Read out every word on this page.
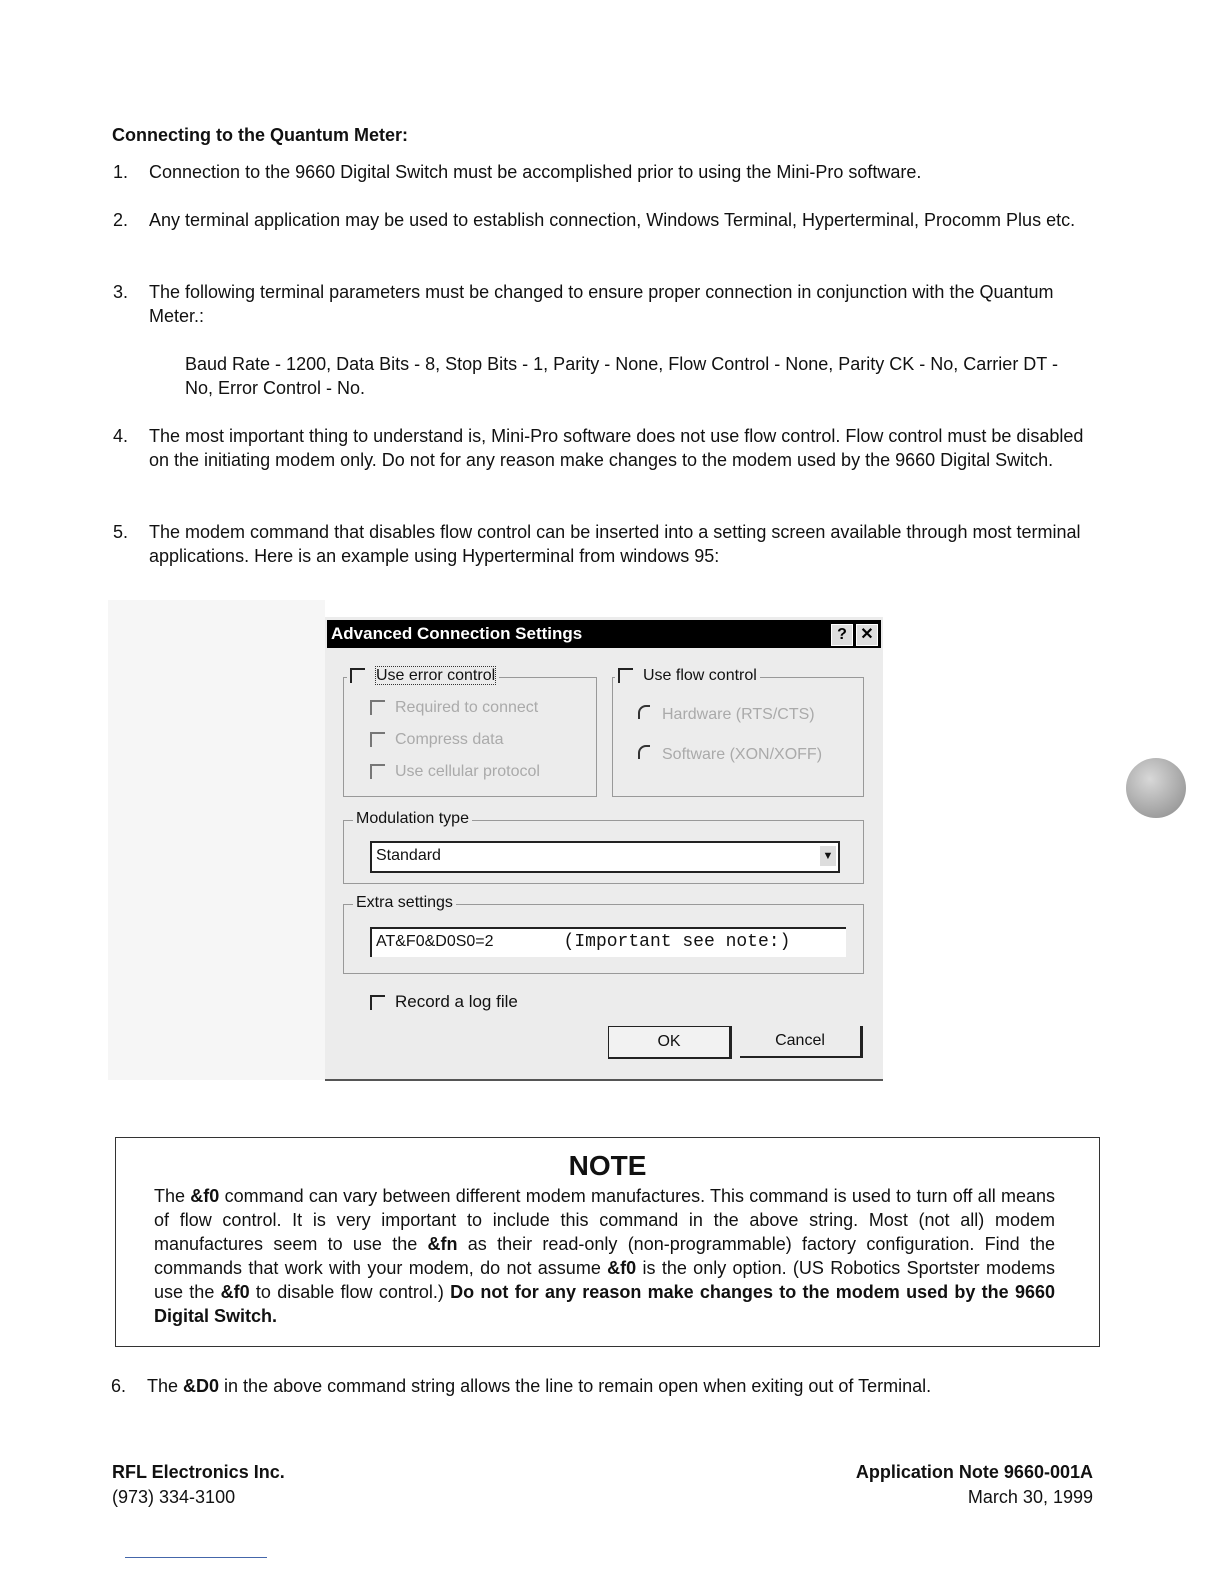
Connecting to the Quantum Meter:
1. Connection to the 9660 Digital Switch must be accomplished prior to using the Mini-Pro software.
2. Any terminal application may be used to establish connection, Windows Terminal, Hyperterminal, Procomm Plus etc.
3. The following terminal parameters must be changed to ensure proper connection in conjunction with the Quantum Meter.:
Baud Rate - 1200, Data Bits - 8, Stop Bits - 1, Parity - None, Flow Control - None, Parity CK - No, Carrier DT - No, Error Control - No.
4. The most important thing to understand is, Mini-Pro software does not use flow control. Flow control must be disabled on the initiating modem only. Do not for any reason make changes to the modem used by the 9660 Digital Switch.
5. The modem command that disables flow control can be inserted into a setting screen available through most terminal applications. Here is an example using Hyperterminal from windows 95:
Advanced Connection Settings	? ✕
Use error control
Required to connect
Compress data
Use cellular protocol
Use flow control
Hardware (RTS/CTS)
Software (XON/XOFF)
Modulation type
Standard	▼
Extra settings
AT&F0&D0S0=2	(Important see note:)
Record a log file
OK	Cancel
NOTE
The &f0 command can vary between different modem manufactures. This command is used to turn off all means of flow control. It is very important to include this command in the above string. Most (not all) modem manufactures seem to use the &fn as their read-only (non-programmable) factory configuration. Find the commands that work with your modem, do not assume &f0 is the only option. (US Robotics Sportster modems use the &f0 to disable flow control.) Do not for any reason make changes to the modem used by the 9660 Digital Switch.
6. The &D0 in the above command string allows the line to remain open when exiting out of Terminal.
RFL Electronics Inc.
(973) 334-3100
Application Note 9660-001A
March 30, 1999
